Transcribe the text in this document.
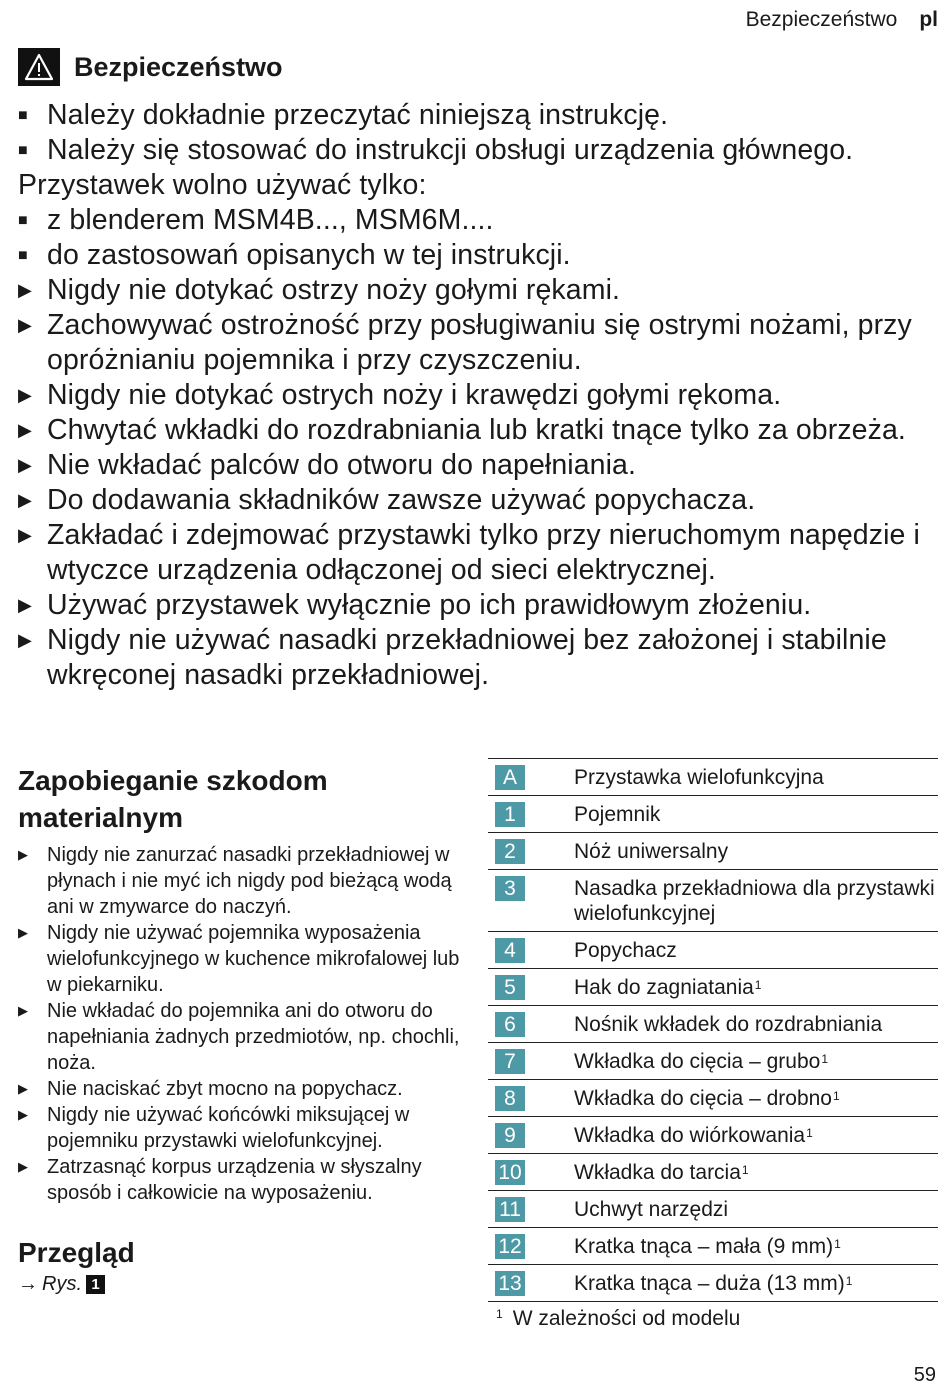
Bezpieczeństwo pl
Bezpieczeństwo
■ Należy dokładnie przeczytać niniejszą instrukcję.
■ Należy się stosować do instrukcji obsługi urządzenia głównego.
Przystawek wolno używać tylko:
■ z blenderem MSM4B..., MSM6M....
■ do zastosowań opisanych w tej instrukcji.
▶ Nigdy nie dotykać ostrzy noży gołymi rękami.
▶ Zachowywać ostrożność przy posługiwaniu się ostrymi nożami, przy opróżnianiu pojemnika i przy czyszczeniu.
▶ Nigdy nie dotykać ostrych noży i krawędzi gołymi rękoma.
▶ Chwytać wkładki do rozdrabniania lub kratki tnące tylko za obrzeża.
▶ Nie wkładać palców do otworu do napełniania.
▶ Do dodawania składników zawsze używać popychacza.
▶ Zakładać i zdejmować przystawki tylko przy nieruchomym napędzie i wtyczce urządzenia odłączonej od sieci elektrycznej.
▶ Używać przystawek wyłącznie po ich prawidłowym złożeniu.
▶ Nigdy nie używać nasadki przekładniowej bez założonej i stabilnie wkręconej nasadki przekładniowej.
Zapobieganie szkodom materialnym
▶ Nigdy nie zanurzać nasadki przekładniowej w płynach i nie myć ich nigdy pod bieżącą wodą ani w zmywarce do naczyń.
▶ Nigdy nie używać pojemnika wyposażenia wielofunkcyjnego w kuchence mikrofalowej lub w piekarniku.
▶ Nie wkładać do pojemnika ani do otworu do napełniania żadnych przedmiotów, np. chochli, noża.
▶ Nie naciskać zbyt mocno na popychacz.
▶ Nigdy nie używać końcówki miksującej w pojemniku przystawki wielofunkcyjnej.
▶ Zatrzasnąć korpus urządzenia w słyszalny sposób i całkowicie na wyposażeniu.
Przegląd
→ Rys. 1
A	Przystawka wielofunkcyjna
1	Pojemnik
2	Nóż uniwersalny
3	Nasadka przekładniowa dla przystawki wielofunkcyjnej
4	Popychacz
5	Hak do zagniatania$^1$
6	Nośnik wkładek do rozdrabniania
7	Wkładka do cięcia – grubo$^1$
8	Wkładka do cięcia – drobno$^1$
9	Wkładka do wiórkowania$^1$
10	Wkładka do tarcia$^1$
11	Uchwyt narzędzi
12	Kratka tnąca – mała (9 mm)$^1$
13	Kratka tnąca – duża (13 mm)$^1$
1 W zależności od modelu
59
